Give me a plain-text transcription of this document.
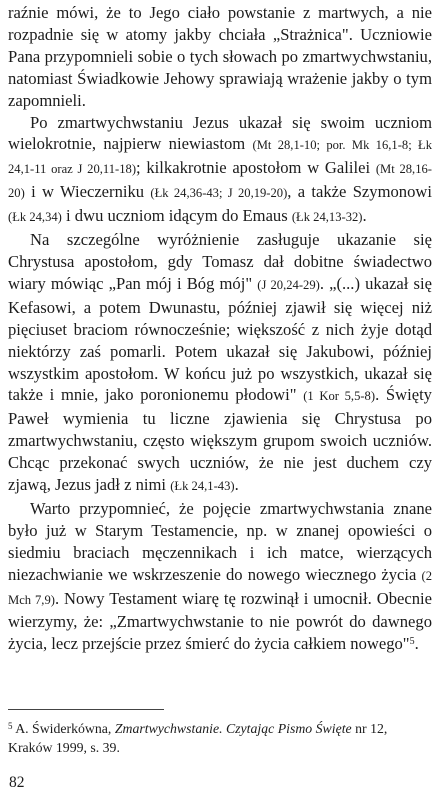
raźnie mówi, że to Jego ciało powstanie z martwych, a nie rozpadnie się w atomy jakby chciała „Strażnica". Uczniowie Pana przypomnieli sobie o tych słowach po zmartwychwstaniu, natomiast Świadkowie Jehowy sprawiają wrażenie jakby o tym zapomnieli.

Po zmartwychwstaniu Jezus ukazał się swoim uczniom wielokrotnie, najpierw niewiastom (Mt 28,1-10; por. Mk 16,1-8; Łk 24,1-11 oraz J 20,11-18); kilkakrotnie apostołom w Galilei (Mt 28,16-20) i w Wieczerniku (Łk 24,36-43; J 20,19-20), a także Szymonowi (Łk 24,34) i dwu uczniom idącym do Emaus (Łk 24,13-32).

Na szczególne wyróżnienie zasługuje ukazanie się Chrystusa apostołom, gdy Tomasz dał dobitne świadectwo wiary mówiąc „Pan mój i Bóg mój" (J 20,24-29). „(...) ukazał się Kefasowi, a potem Dwunastu, później zjawił się więcej niż pięciuset braciom równocześnie; większość z nich żyje dotąd niektórzy zaś pomarli. Potem ukazał się Jakubowi, później wszystkim apostołom. W końcu już po wszystkich, ukazał się także i mnie, jako poronionemu płodowi" (1 Kor 5,5-8). Święty Paweł wymienia tu liczne zjawienia się Chrystusa po zmartwychwstaniu, często większym grupom swoich uczniów. Chcąc przekonać swych uczniów, że nie jest duchem czy zjawą, Jezus jadł z nimi (Łk 24,1-43).

Warto przypomnieć, że pojęcie zmartwychwstania znane było już w Starym Testamencie, np. w znanej opowieści o siedmiu braciach męczennikach i ich matce, wierzących niezachwianie we wskrzeszenie do nowego wiecznego życia (2 Mch 7,9). Nowy Testament wiarę tę rozwinął i umocnił. Obecnie wierzymy, że: „Zmartwychwstanie to nie powrót do dawnego życia, lecz przejście przez śmierć do życia całkiem nowego"$^5$.

$^5$ A. Świderkówna, Zmartwychwstanie. Czytając Pismo Święte nr 12, Kraków 1999, s. 39.
82
